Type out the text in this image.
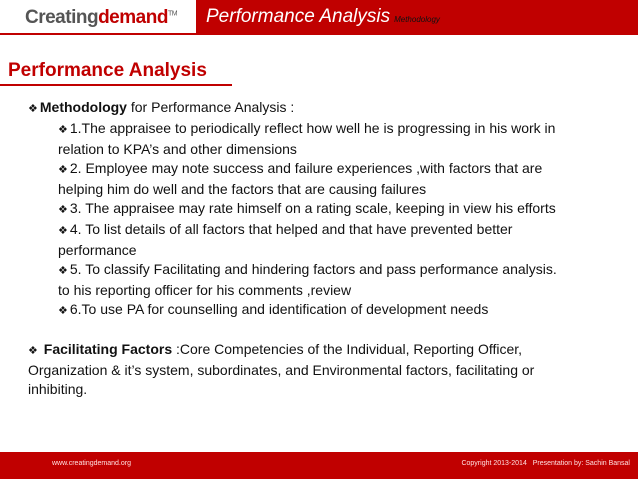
Creatingdemand™ Performance Analysis Methodology
Performance Analysis

❖ Methodology for Performance Analysis :

❖ 1.The appraisee to periodically reflect how well he is progressing in his work in
relation to KPA’s and other dimensions
❖ 2. Employee may note success and failure experiences ,with factors that are
helping him do well and the factors that are causing failures
❖ 3. The appraisee may rate himself on a rating scale, keeping in view his efforts
❖ 4. To list details of all factors that helped and that have prevented better
performance
❖ 5. To classify Facilitating and hindering factors and pass performance analysis.
to his reporting officer for his comments ,review
❖ 6.To use PA for counselling and identification of development needs

❖ Facilitating Factors :Core Competencies of the Individual, Reporting Officer,
Organization & it’s system, subordinates, and Environmental factors, facilitating or
inhibiting.

www.creatingdemand.org	Copyright 2013-2014 Presentation by: Sachin Bansal
